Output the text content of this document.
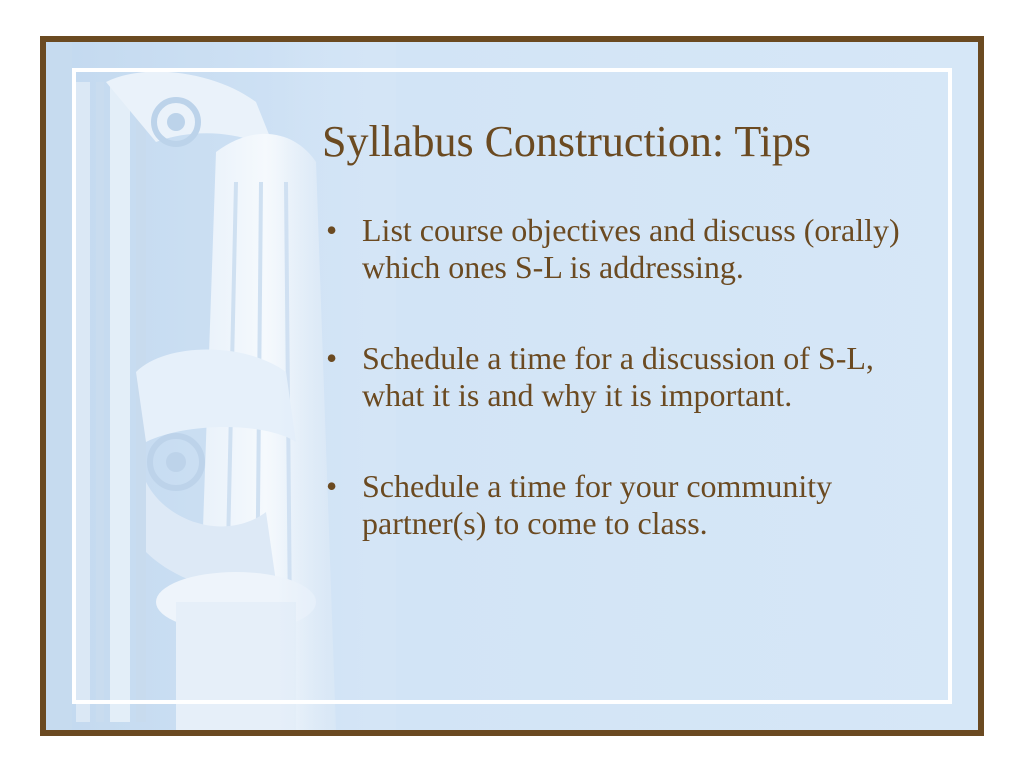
Syllabus Construction: Tips
• List course objectives and discuss (orally) which ones S-L is addressing.
• Schedule a time for a discussion of S-L, what it is and why it is important.
• Schedule a time for your community partner(s) to come to class.
